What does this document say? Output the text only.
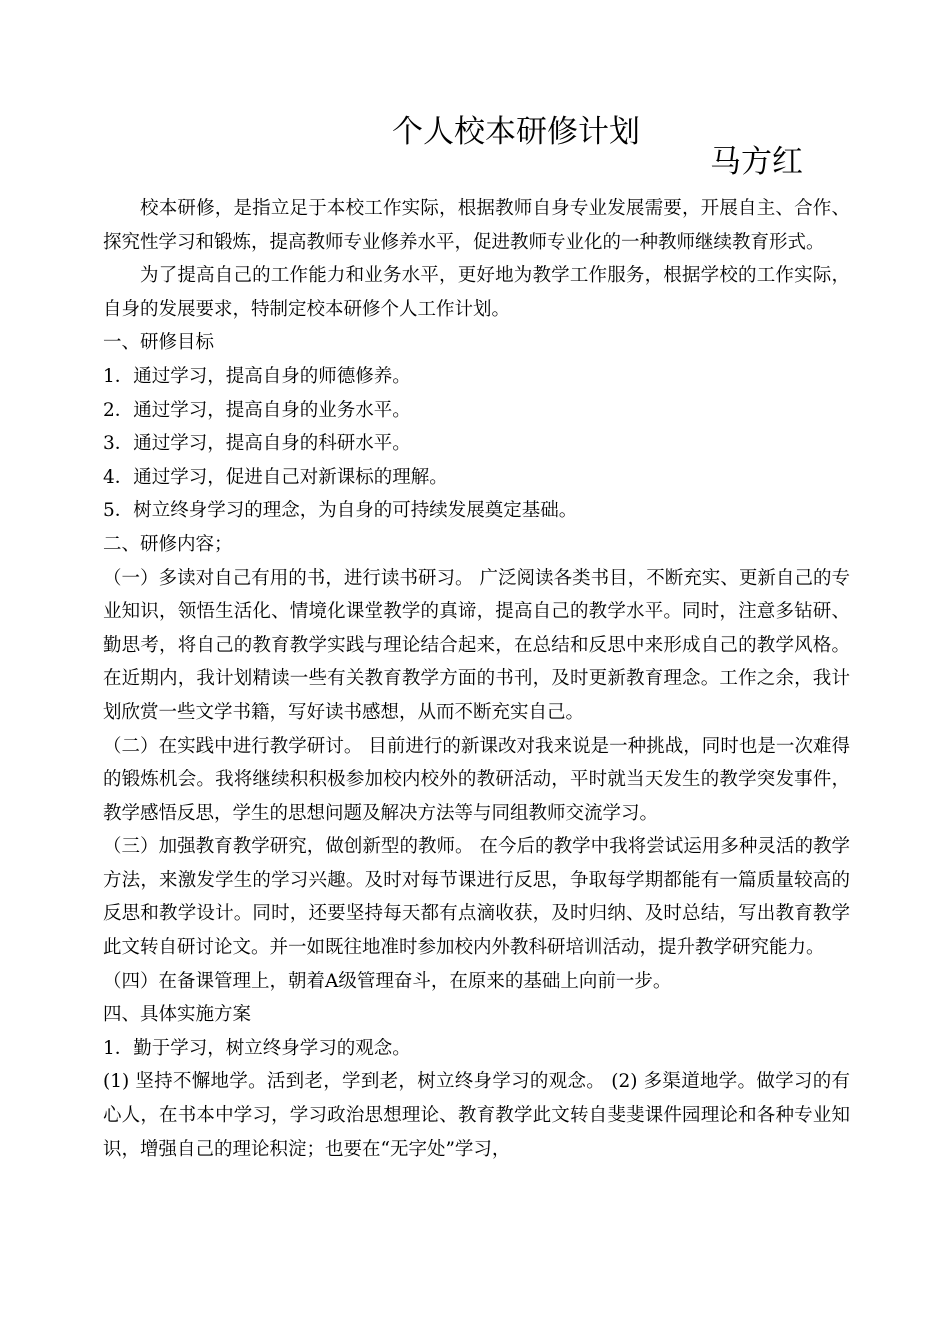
个人校本研修计划
马方红

校本研修，是指立足于本校工作实际，根据教师自身专业发展需要，开展自主、合作、探究性学习和锻炼，提高教师专业修养水平，促进教师专业化的一种教师继续教育形式。

为了提高自己的工作能力和业务水平，更好地为教学工作服务，根据学校的工作实际，自身的发展要求，特制定校本研修个人工作计划。

一、研修目标

1．通过学习，提高自身的师德修养。

2．通过学习，提高自身的业务水平。

3．通过学习，提高自身的科研水平。

4．通过学习，促进自己对新课标的理解。

5．树立终身学习的理念，为自身的可持续发展奠定基础。

二、研修内容；

（一）多读对自己有用的书，进行读书研习。 广泛阅读各类书目，不断充实、更新自己的专业知识，领悟生活化、情境化课堂教学的真谛，提高自己的教学水平。同时，注意多钻研、勤思考，将自己的教育教学实践与理论结合起来，在总结和反思中来形成自己的教学风格。在近期内，我计划精读一些有关教育教学方面的书刊，及时更新教育理念。工作之余，我计划欣赏一些文学书籍，写好读书感想，从而不断充实自己。

（二）在实践中进行教学研讨。 目前进行的新课改对我来说是一种挑战，同时也是一次难得的锻炼机会。我将继续积积极参加校内校外的教研活动，平时就当天发生的教学突发事件，教学感悟反思，学生的思想问题及解决方法等与同组教师交流学习。

（三）加强教育教学研究，做创新型的教师。 在今后的教学中我将尝试运用多种灵活的教学方法，来激发学生的学习兴趣。及时对每节课进行反思，争取每学期都能有一篇质量较高的反思和教学设计。同时，还要坚持每天都有点滴收获，及时归纳、及时总结，写出教育教学此文转自研讨论文。并一如既往地准时参加校内外教科研培训活动，提升教学研究能力。

（四）在备课管理上，朝着A级管理奋斗，在原来的基础上向前一步。

四、具体实施方案

1．勤于学习，树立终身学习的观念。

(1) 坚持不懈地学。活到老，学到老，树立终身学习的观念。 (2) 多渠道地学。做学习的有心人，在书本中学习，学习政治思想理论、教育教学此文转自斐斐课件园理论和各种专业知识，增强自己的理论积淀；也要在“无字处”学习，
